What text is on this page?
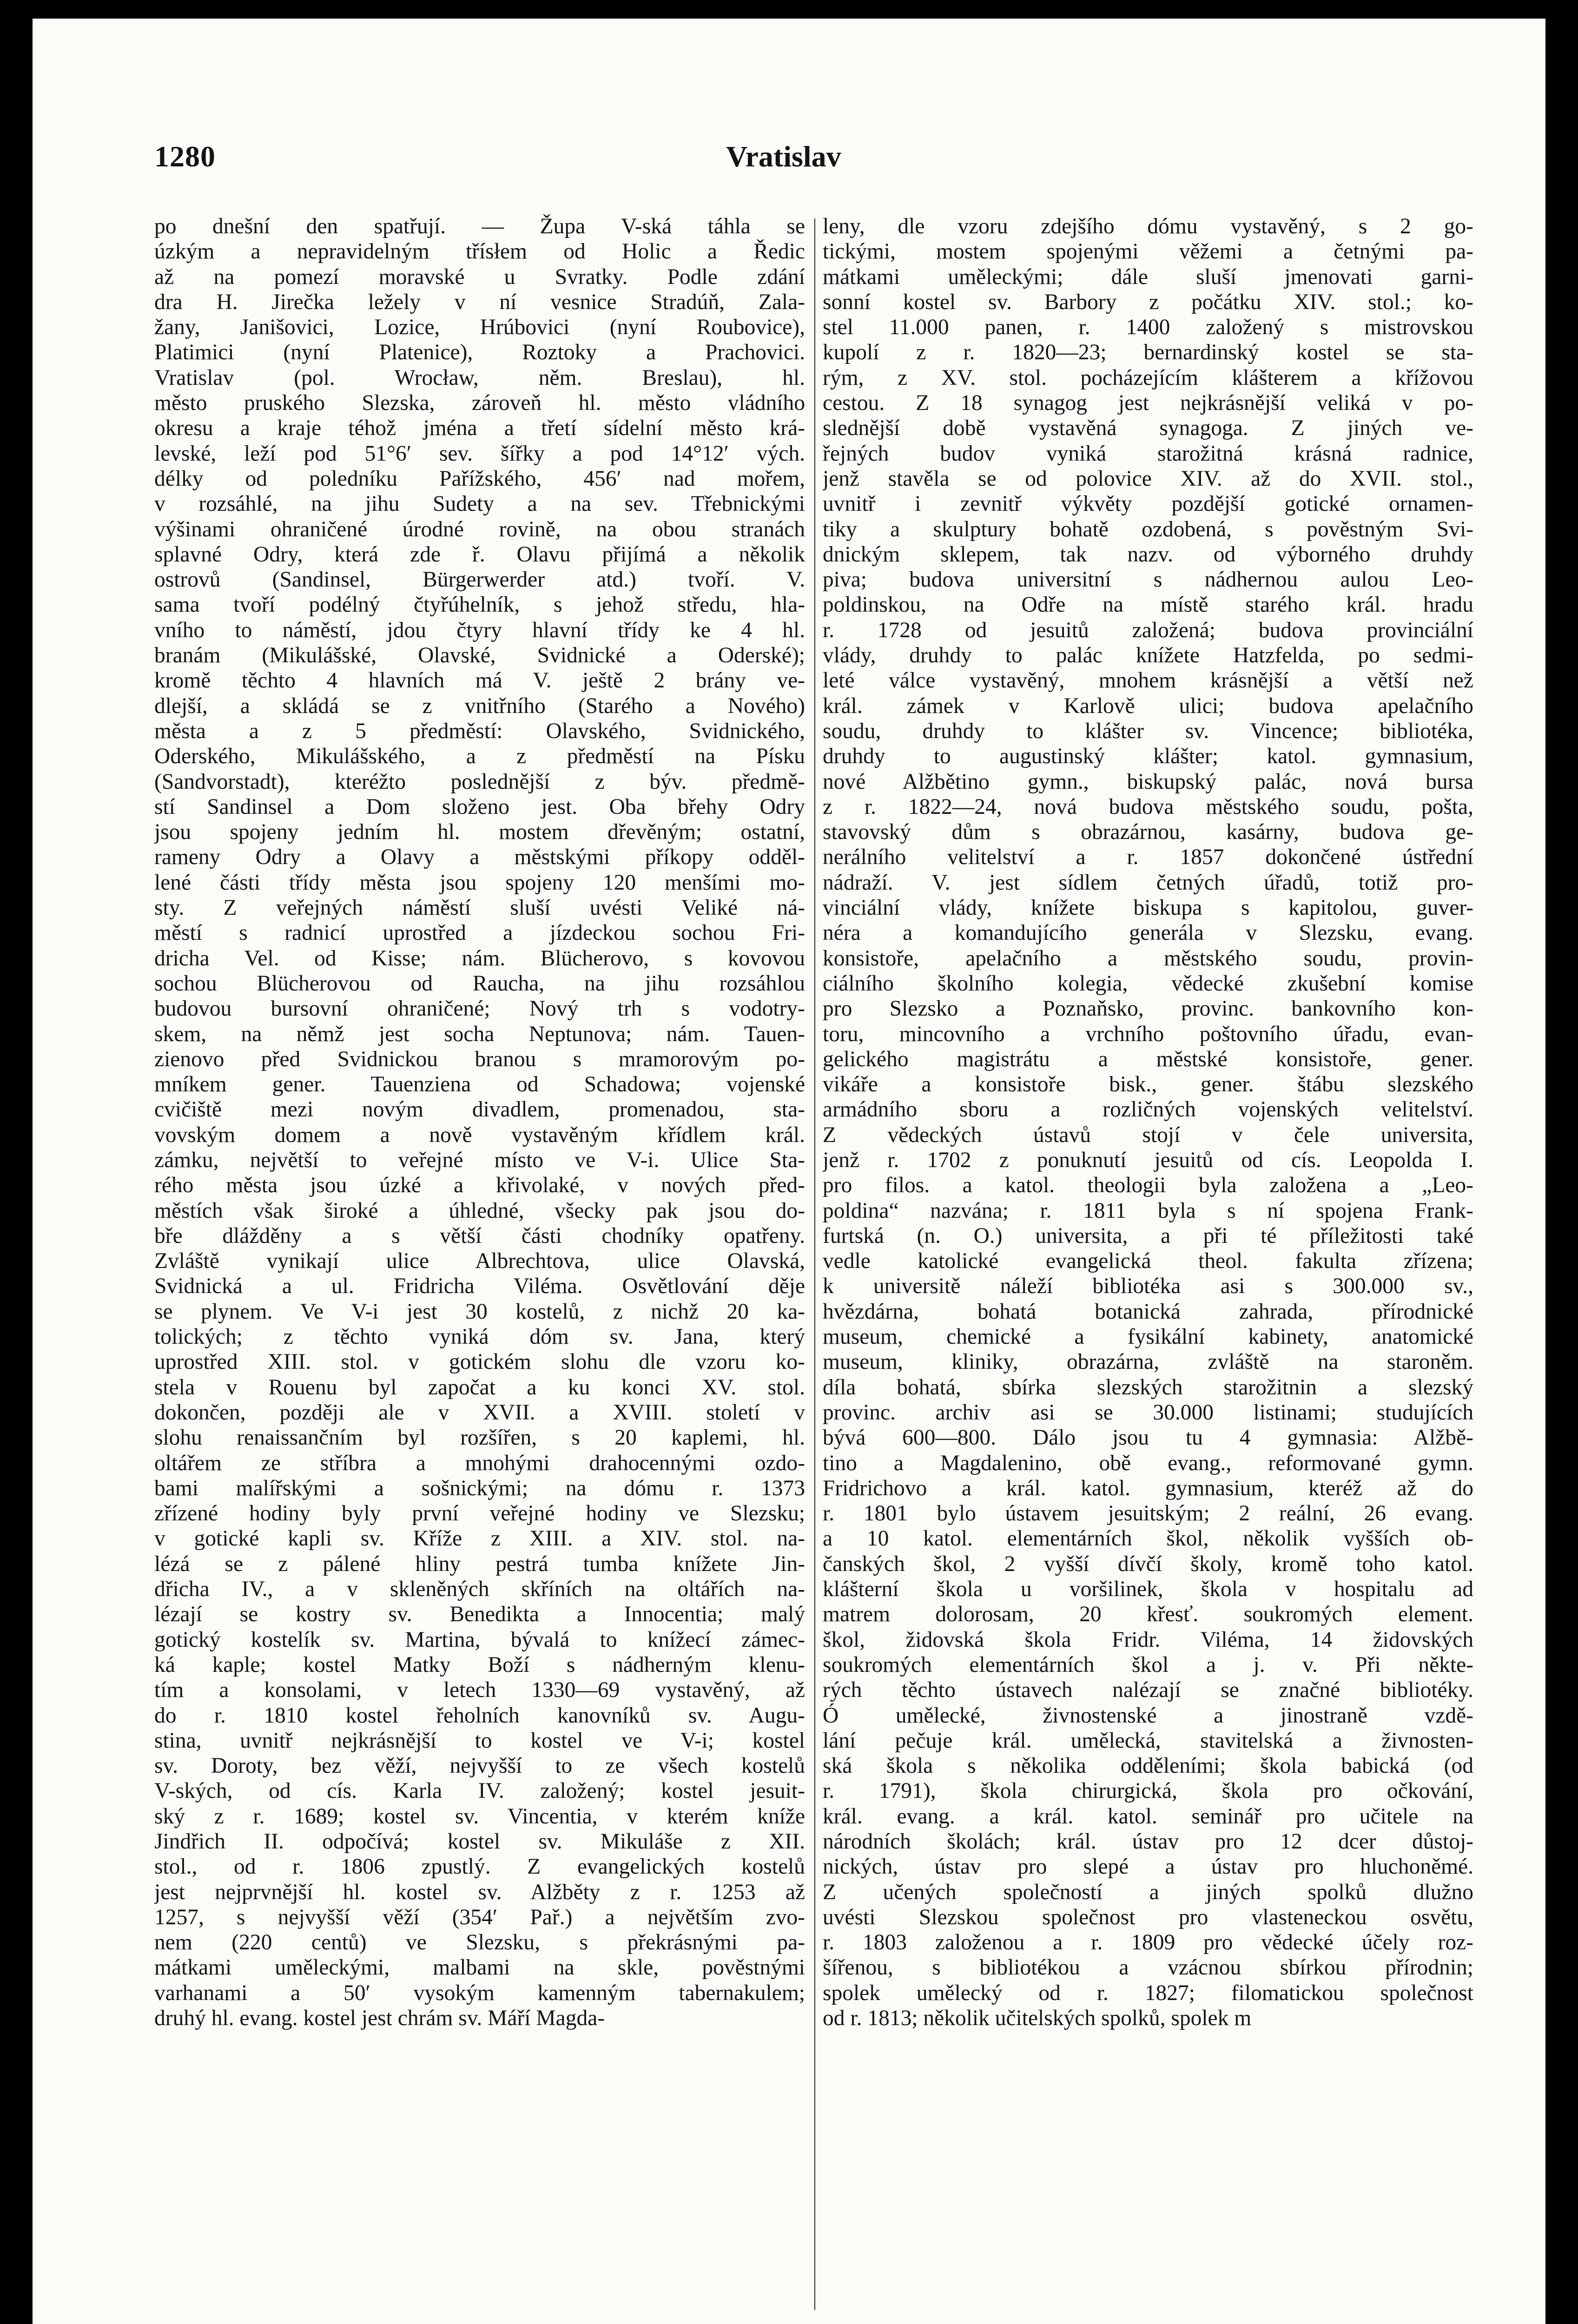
1280	Vratislav
po dnešní den spatřují. — Župa V-ská táhla se
úzkým a nepravidelným třísłem od Holic a Ředic
až na pomezí moravské u Svratky. Podle zdání
dra H. Jirečka ležely v ní vesnice Stradúň, Zala-
žany, Janišovici, Lozice, Hrúbovici (nyní Roubovice),
Platimici (nyní Platenice), Roztoky a Prachovici.
Vratislav (pol. Wrocław, něm. Breslau), hl.
město pruského Slezska, zároveň hl. město vládního
okresu a kraje téhož jména a třetí sídelní město krá-
levské, leží pod 51°6′ sev. šířky a pod 14°12′ vých.
délky od poledníku Pařížského, 456′ nad mořem,
v rozsáhlé, na jihu Sudety a na sev. Třebnickými
výšinami ohraničené úrodné rovině, na obou stranách
splavné Odry, která zde ř. Olavu přijímá a několik
ostrovů (Sandinsel, Bürgerwerder atd.) tvoří. V.
sama tvoří podélný čtyřúhelník, s jehož středu, hla-
vního to náměstí, jdou čtyry hlavní třídy ke 4 hl.
branám (Mikulášské, Olavské, Svidnické a Oderské);
kromě těchto 4 hlavních má V. ještě 2 brány ve-
dlejší, a skládá se z vnitřního (Starého a Nového)
města a z 5 předměstí: Olavského, Svidnického,
Oderského, Mikulášského, a z předměstí na Písku
(Sandvorstadt), kteréžto poslednější z býv. předmě-
stí Sandinsel a Dom složeno jest. Oba břehy Odry
jsou spojeny jedním hl. mostem dřevěným; ostatní,
rameny Odry a Olavy a městskými příkopy odděl-
lené části třídy města jsou spojeny 120 menšími mo-
sty. Z veřejných náměstí sluší uvésti Veliké ná-
městí s radnicí uprostřed a jízdeckou sochou Fri-
dricha Vel. od Kisse; nám. Blücherovo, s kovovou
sochou Blücherovou od Raucha, na jihu rozsáhlou
budovou bursovní ohraničené; Nový trh s vodotry-
skem, na němž jest socha Neptunova; nám. Tauen-
zienovo před Svidnickou branou s mramorovým po-
mníkem gener. Tauenziena od Schadowa; vojenské
cvičiště mezi novým divadlem, promenadou, sta-
vovským domem a nově vystavěným křídlem král.
zámku, největší to veřejné místo ve V-i. Ulice Sta-
rého města jsou úzké a křivolaké, v nových před-
městích však široké a úhledné, všecky pak jsou do-
bře dlážděny a s větší části chodníky opatřeny.
Zvláště vynikají ulice Albrechtova, ulice Olavská,
Svidnická a ul. Fridricha Viléma. Osvětlování děje
se plynem. Ve V-i jest 30 kostelů, z nichž 20 ka-
tolických; z těchto vyniká dóm sv. Jana, který
uprostřed XIII. stol. v gotickém slohu dle vzoru ko-
stela v Rouenu byl započat a ku konci XV. stol.
dokončen, později ale v XVII. a XVIII. století v
slohu renaissančním byl rozšířen, s 20 kaplemi, hl.
oltářem ze stříbra a mnohými drahocennými ozdo-
bami malířskými a sošnickými; na dómu r. 1373
zřízené hodiny byly první veřejné hodiny ve Slezsku;
v gotické kapli sv. Kříže z XIII. a XIV. stol. na-
lézá se z pálené hliny pestrá tumba knížete Jin-
dřicha IV., a v skleněných skříních na oltářích na-
lézají se kostry sv. Benedikta a Innocentia; malý
gotický kostelík sv. Martina, bývalá to knížecí zámec-
ká kaple; kostel Matky Boží s nádherným klenu-
tím a konsolami, v letech 1330—69 vystavěný, až
do r. 1810 kostel řeholních kanovníků sv. Augu-
stina, uvnitř nejkrásnější to kostel ve V-i; kostel
sv. Doroty, bez věží, nejvyšší to ze všech kostelů
V-ských, od cís. Karla IV. založený; kostel jesuit-
ský z r. 1689; kostel sv. Vincentia, v kterém kníže
Jindřich II. odpočívá; kostel sv. Mikuláše z XII.
stol., od r. 1806 zpustlý. Z evangelických kostelů
jest nejprvnější hl. kostel sv. Alžběty z r. 1253 až
1257, s nejvyšší věží (354′ Pař.) a největším zvo-
nem (220 centů) ve Slezsku, s překrásnými pa-
mátkami uměleckými, malbami na skle, pověstnými
varhanami a 50′ vysokým kamenným tabernakulem;
druhý hl. evang. kostel jest chrám sv. Máří Magda-
leny, dle vzoru zdejšího dómu vystavěný, s 2 go-
tickými, mostem spojenými věžemi a četnými pa-
mátkami uměleckými; dále sluší jmenovati garni-
sonní kostel sv. Barbory z počátku XIV. stol.; ko-
stel 11.000 panen, r. 1400 založený s mistrovskou
kupolí z r. 1820—23; bernardinský kostel se sta-
rým, z XV. stol. pocházejícím klášterem a křížovou
cestou. Z 18 synagog jest nejkrásnější veliká v po-
slednější době vystavěná synagoga. Z jiných ve-
řejných budov vyniká starožitná krásná radnice,
jenž stavěla se od polovice XIV. až do XVII. stol.,
uvnitř i zevnitř výkvěty pozdější gotické ornamen-
tiky a skulptury bohatě ozdobená, s pověstným Svi-
dnickým sklepem, tak nazv. od výborného druhdy
piva; budova universitní s nádhernou aulou Leo-
poldinskou, na Odře na místě starého král. hradu
r. 1728 od jesuitů založená; budova provinciální
vlády, druhdy to palác knížete Hatzfelda, po sedmi-
leté válce vystavěný, mnohem krásnější a větší než
král. zámek v Karlově ulici; budova apelačního
soudu, druhdy to klášter sv. Vincence; bibliotéka,
druhdy to augustinský klášter; katol. gymnasium,
nové Alžbětino gymn., biskupský palác, nová bursa
z r. 1822—24, nová budova městského soudu, pošta,
stavovský dům s obrazárnou, kasárny, budova ge-
nerálního velitelství a r. 1857 dokončené ústřední
nádraží. V. jest sídlem četných úřadů, totiž pro-
vinciální vlády, knížete biskupa s kapitolou, guver-
néra a komandujícího generála v Slezsku, evang.
konsistoře, apelačního a městského soudu, provin-
ciálního školního kolegia, vědecké zkušební komise
pro Slezsko a Poznaňsko, provinc. bankovního kon-
toru, mincovního a vrchního poštovního úřadu, evan-
gelického magistrátu a městské konsistoře, gener.
vikáře a konsistoře bisk., gener. štábu slezského
armádního sboru a rozličných vojenských velitelství.
Z vědeckých ústavů stojí v čele universita,
jenž r. 1702 z ponuknutí jesuitů od cís. Leopolda I.
pro filos. a katol. theologii byla založena a „Leo-
poldina“ nazvána; r. 1811 byla s ní spojena Frank-
furtská (n. O.) universita, a při té příležitosti také
vedle katolické evangelická theol. fakulta zřízena;
k universitě náleží bibliotéka asi s 300.000 sv.,
hvězdárna, bohatá botanická zahrada, přírodnické
museum, chemické a fysikální kabinety, anatomické
museum, kliniky, obrazárna, zvláště na staroněm.
díla bohatá, sbírka slezských starožitnin a slezský
provinc. archiv asi se 30.000 listinami; studujících
bývá 600—800. Dálo jsou tu 4 gymnasia: Alžbě-
tino a Magdalenino, obě evang., reformované gymn.
Fridrichovo a král. katol. gymnasium, kteréž až do
r. 1801 bylo ústavem jesuitským; 2 reální, 26 evang.
a 10 katol. elementárních škol, několik vyšších ob-
čanských škol, 2 vyšší dívčí školy, kromě toho katol.
klášterní škola u voršilinek, škola v hospitalu ad
matrem dolorosam, 20 křesť. soukromých element.
škol, židovská škola Fridr. Viléma, 14 židovských
soukromých elementárních škol a j. v. Při někte-
rých těchto ústavech nalézají se značné bibliotéky.
Ó umělecké, živnostenské a jinostraně vzdě-
lání pečuje král. umělecká, stavitelská a živnosten-
ská škola s několika odděleními; škola babická (od
r. 1791), škola chirurgická, škola pro očkování,
král. evang. a král. katol. seminář pro učitele na
národních školách; král. ústav pro 12 dcer důstoj-
nických, ústav pro slepé a ústav pro hluchoněmé.
Z učených společností a jiných spolků dlužno
uvésti Slezskou společnost pro vlasteneckou osvětu,
r. 1803 založenou a r. 1809 pro vědecké účely roz-
šířenou, s bibliotékou a vzácnou sbírkou přírodnin;
spolek umělecký od r. 1827; filomatickou společnost
od r. 1813; několik učitelských spolků, spolek m
